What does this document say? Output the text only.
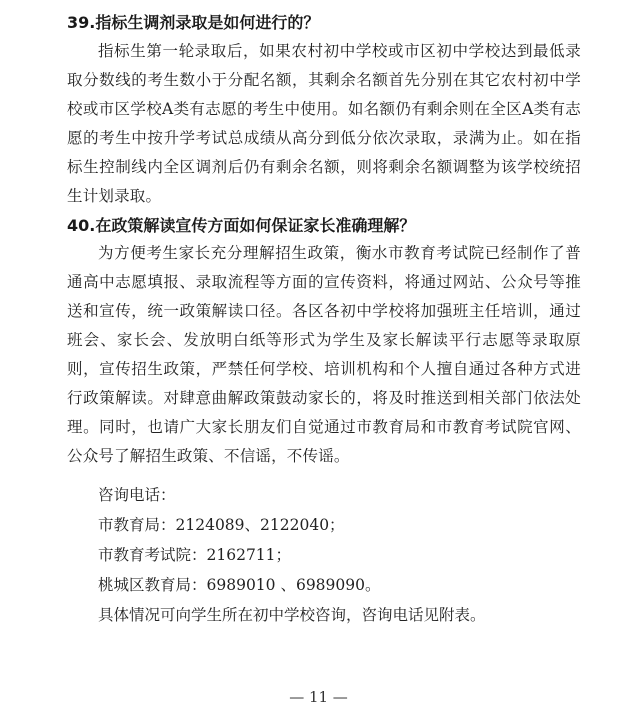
39.指标生调剂录取是如何进行的？

指标生第一轮录取后，如果农村初中学校或市区初中学校达到最低录取分数线的考生数小于分配名额，其剩余名额首先分别在其它农村初中学校或市区学校A类有志愿的考生中使用。如名额仍有剩余则在全区A类有志愿的考生中按升学考试总成绩从高分到低分依次录取，录满为止。如在指标生控制线内全区调剂后仍有剩余名额，则将剩余名额调整为该学校统招生计划录取。

40.在政策解读宣传方面如何保证家长准确理解？

为方便考生家长充分理解招生政策，衡水市教育考试院已经制作了普通高中志愿填报、录取流程等方面的宣传资料，将通过网站、公众号等推送和宣传，统一政策解读口径。各区各初中学校将加强班主任培训，通过班会、家长会、发放明白纸等形式为学生及家长解读平行志愿等录取原则，宣传招生政策，严禁任何学校、培训机构和个人擅自通过各种方式进行政策解读。对肆意曲解政策鼓动家长的，将及时推送到相关部门依法处理。同时，也请广大家长朋友们自觉通过市教育局和市教育考试院官网、公众号了解招生政策、不信谣，不传谣。

咨询电话：

市教育局：2124089、2122040；

市教育考试院：2162711；

桃城区教育局：6989010 、6989090。

具体情况可向学生所在初中学校咨询，咨询电话见附表。

— 11 —
